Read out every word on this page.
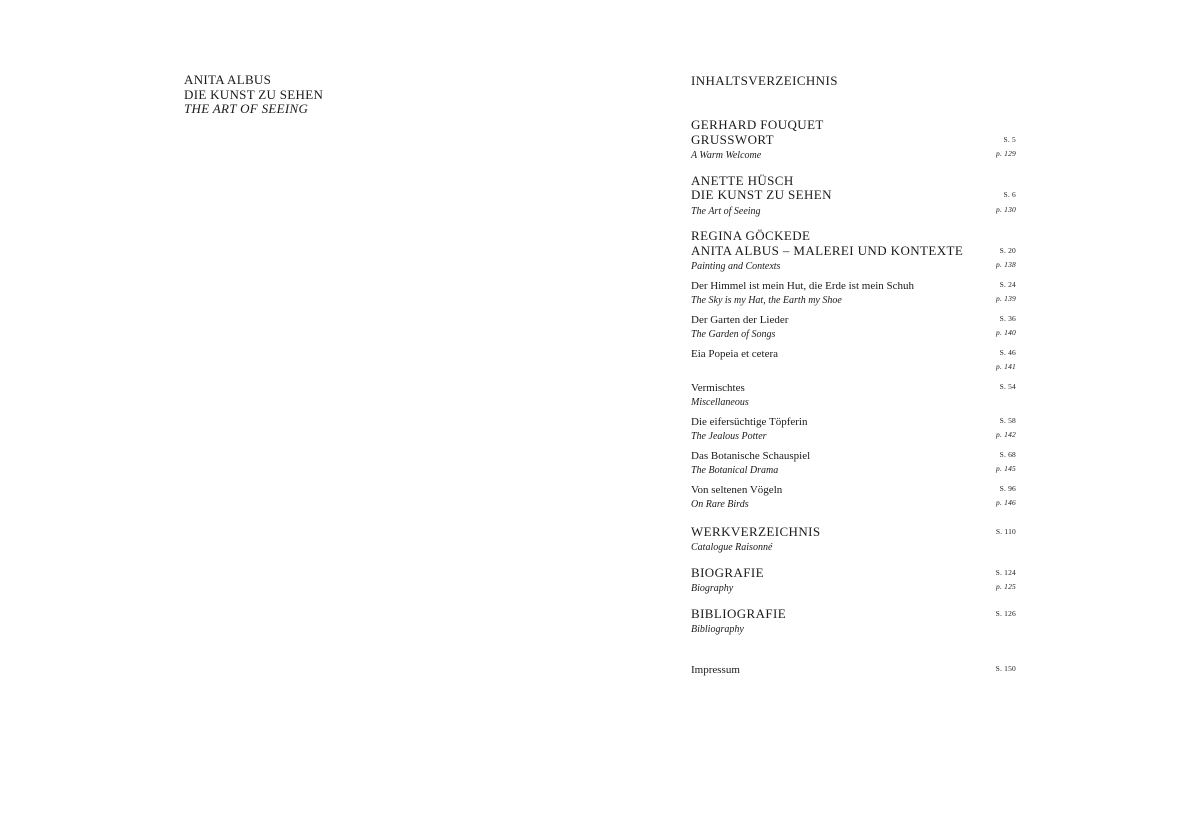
ANITA ALBUS
DIE KUNST ZU SEHEN
THE ART OF SEEING
INHALTSVERZEICHNIS
GERHARD FOUQUET
GRUSSWORT	S. 5
A Warm Welcome	p. 129
ANETTE HÜSCH
DIE KUNST ZU SEHEN	S. 6
The Art of Seeing	p. 130
REGINA GÖCKEDE
ANITA ALBUS – MALEREI UND KONTEXTE	S. 20
Painting and Contexts	p. 138
Der Himmel ist mein Hut, die Erde ist mein Schuh	S. 24
The Sky is my Hat, the Earth my Shoe	p. 139
Der Garten der Lieder	S. 36
The Garden of Songs	p. 140
Eia Popeia et cetera	S. 46
p. 141
Vermischtes	S. 54
Miscellaneous
Die eifersüchtige Töpferin	S. 58
The Jealous Potter	p. 142
Das Botanische Schauspiel	S. 68
The Botanical Drama	p. 145
Von seltenen Vögeln	S. 96
On Rare Birds	p. 146
WERKVERZEICHNIS	S. 110
Catalogue Raisonné
BIOGRAFIE	S. 124
Biography	p. 125
BIBLIOGRAFIE	S. 126
Bibliography
Impressum	S. 150
